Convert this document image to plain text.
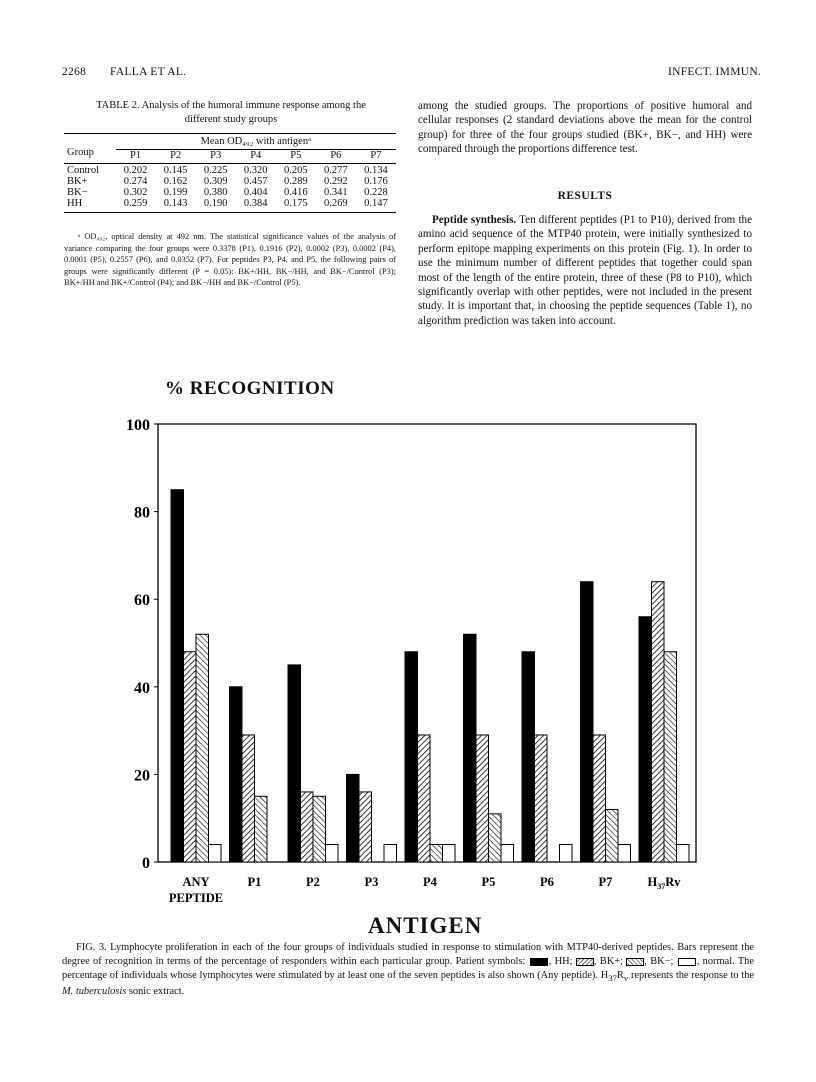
2268 FALLA ET AL.	INFECT. IMMUN.
TABLE 2. Analysis of the humoral immune response among the different study groups
Group	Mean OD₄₉₂ with antigenᵃ						
	P1	P2	P3	P4	P5	P6	P7

Control	0.202	0.145	0.225	0.320	0.205	0.277	0.134
BK+	0.274	0.162	0.309	0.457	0.289	0.292	0.176
BK−	0.302	0.199	0.380	0.404	0.416	0.341	0.228
HH	0.259	0.143	0.190	0.384	0.175	0.269	0.147
ᵃ OD₄₉₂, optical density at 492 nm. The statistical significance values of the analysis of variance comparing the four groups were 0.3378 (P1), 0.1916 (P2), 0.0002 (P3), 0.0002 (P4), 0.0001 (P5), 0.2557 (P6), and 0.0352 (P7). For peptides P3, P4, and P5, the following pairs of groups were significantly different (P = 0.05): BK+/HH, BK−/HH, and BK−/Control (P3); BK+/HH and BK+/Control (P4); and BK−/HH and BK−/Control (P5).
among the studied groups. The proportions of positive humoral and cellular responses (2 standard deviations above the mean for the control group) for three of the four groups studied (BK+, BK−, and HH) were compared through the proportions difference test.
RESULTS
Peptide synthesis. Ten different peptides (P1 to P10), derived from the amino acid sequence of the MTP40 protein, were initially synthesized to perform epitope mapping experiments on this protein (Fig. 1). In order to use the minimum number of different peptides that together could span most of the length of the entire protein, three of these (P8 to P10), which significantly overlap with other peptides, were not included in the present study. It is important that, in choosing the peptide sequences (Table 1), no algorithm prediction was taken into account.
% RECOGNITION
0
20
40
60
80
100
ANY
PEPTIDE
P1	P2	P3	P4	P5	P6	P7	$H_{37}Rv$
ANTIGEN
FIG. 3. Lymphocyte proliferation in each of the four groups of individuals studied in response to stimulation with MTP40-derived peptides. Bars represent the degree of recognition in terms of the percentage of responders within each particular group. Patient symbols: , HH; , BK+; , BK−; , normal. The percentage of individuals whose lymphocytes were stimulated by at least one of the seven peptides is also shown (Any peptide). $H_{37}R_v$ represents the response to the M. tuberculosis sonic extract.
